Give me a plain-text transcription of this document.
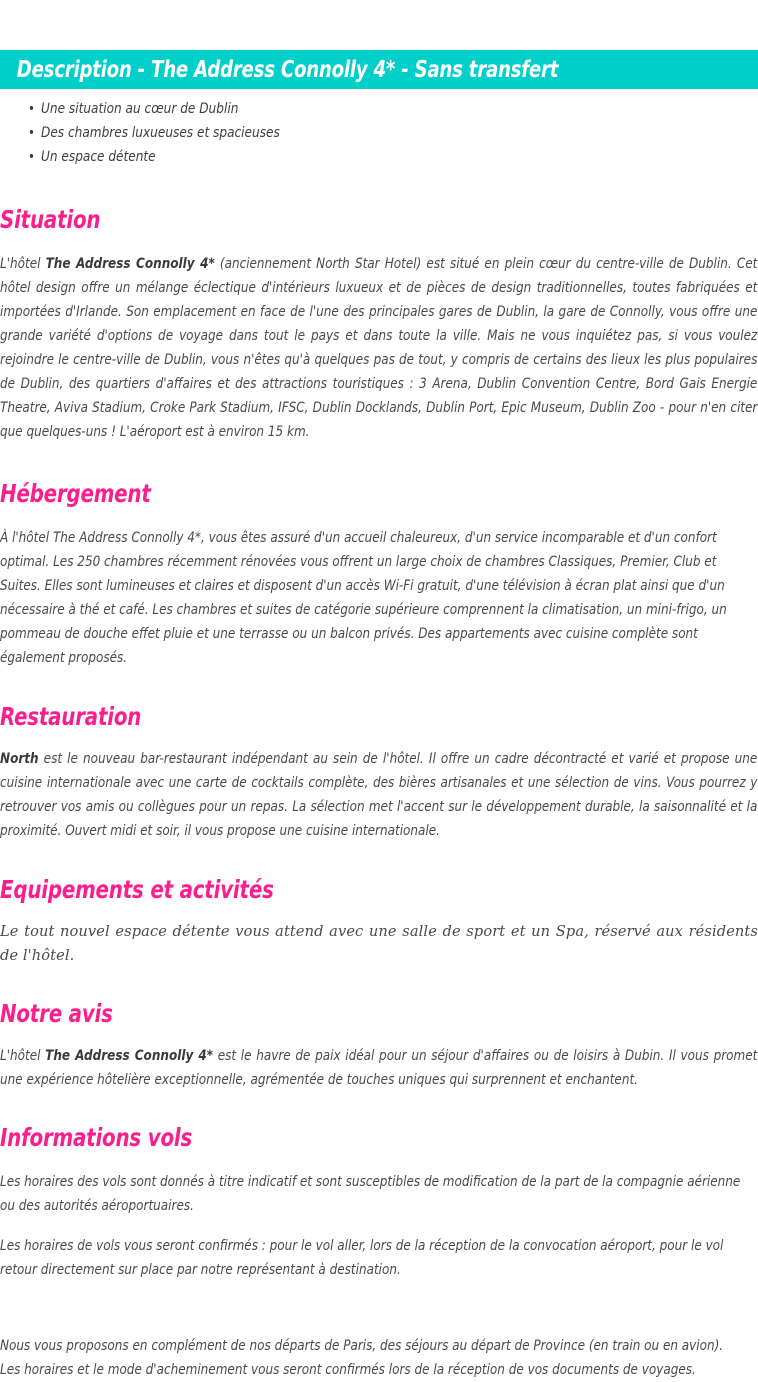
Description - The Address Connolly 4* - Sans transfert
• Une situation au cœur de Dublin
• Des chambres luxueuses et spacieuses
• Un espace détente
Situation

L'hôtel The Address Connolly 4* (anciennement North Star Hotel) est situé en plein cœur du centre-ville de Dublin. Cet hôtel design offre un mélange éclectique d'intérieurs luxueux et de pièces de design traditionnelles, toutes fabriquées et importées d'Irlande. Son emplacement en face de l'une des principales gares de Dublin, la gare de Connolly, vous offre une grande variété d'options de voyage dans tout le pays et dans toute la ville. Mais ne vous inquiétez pas, si vous voulez rejoindre le centre-ville de Dublin, vous n'êtes qu'à quelques pas de tout, y compris de certains des lieux les plus populaires de Dublin, des quartiers d'affaires et des attractions touristiques : 3 Arena, Dublin Convention Centre, Bord Gais Energie Theatre, Aviva Stadium, Croke Park Stadium, IFSC, Dublin Docklands, Dublin Port, Epic Museum, Dublin Zoo - pour n'en citer que quelques-uns ! L'aéroport est à environ 15 km.

Hébergement

À l'hôtel The Address Connolly 4*, vous êtes assuré d'un accueil chaleureux, d'un service incomparable et d'un confort optimal. Les 250 chambres récemment rénovées vous offrent un large choix de chambres Classiques, Premier, Club et Suites. Elles sont lumineuses et claires et disposent d'un accès Wi-Fi gratuit, d'une télévision à écran plat ainsi que d'un nécessaire à thé et café. Les chambres et suites de catégorie supérieure comprennent la climatisation, un mini-frigo, un pommeau de douche effet pluie et une terrasse ou un balcon privés. Des appartements avec cuisine complète sont également proposés.

Restauration

North est le nouveau bar-restaurant indépendant au sein de l'hôtel. Il offre un cadre décontracté et varié et propose une cuisine internationale avec une carte de cocktails complète, des bières artisanales et une sélection de vins. Vous pourrez y retrouver vos amis ou collègues pour un repas. La sélection met l'accent sur le développement durable, la saisonnalité et la proximité. Ouvert midi et soir, il vous propose une cuisine internationale.

Equipements et activités

Le tout nouvel espace détente vous attend avec une salle de sport et un Spa, réservé aux résidents de l'hôtel.

Notre avis

L'hôtel The Address Connolly 4* est le havre de paix idéal pour un séjour d'affaires ou de loisirs à Dubin. Il vous promet une expérience hôtelière exceptionnelle, agrémentée de touches uniques qui surprennent et enchantent.

Informations vols

Les horaires des vols sont donnés à titre indicatif et sont susceptibles de modification de la part de la compagnie aérienne ou des autorités aéroportuaires.

Les horaires de vols vous seront confirmés : pour le vol aller, lors de la réception de la convocation aéroport, pour le vol retour directement sur place par notre représentant à destination.

Nous vous proposons en complément de nos départs de Paris, des séjours au départ de Province (en train ou en avion).

Les horaires et le mode d'acheminement vous seront confirmés lors de la réception de vos documents de voyages.
